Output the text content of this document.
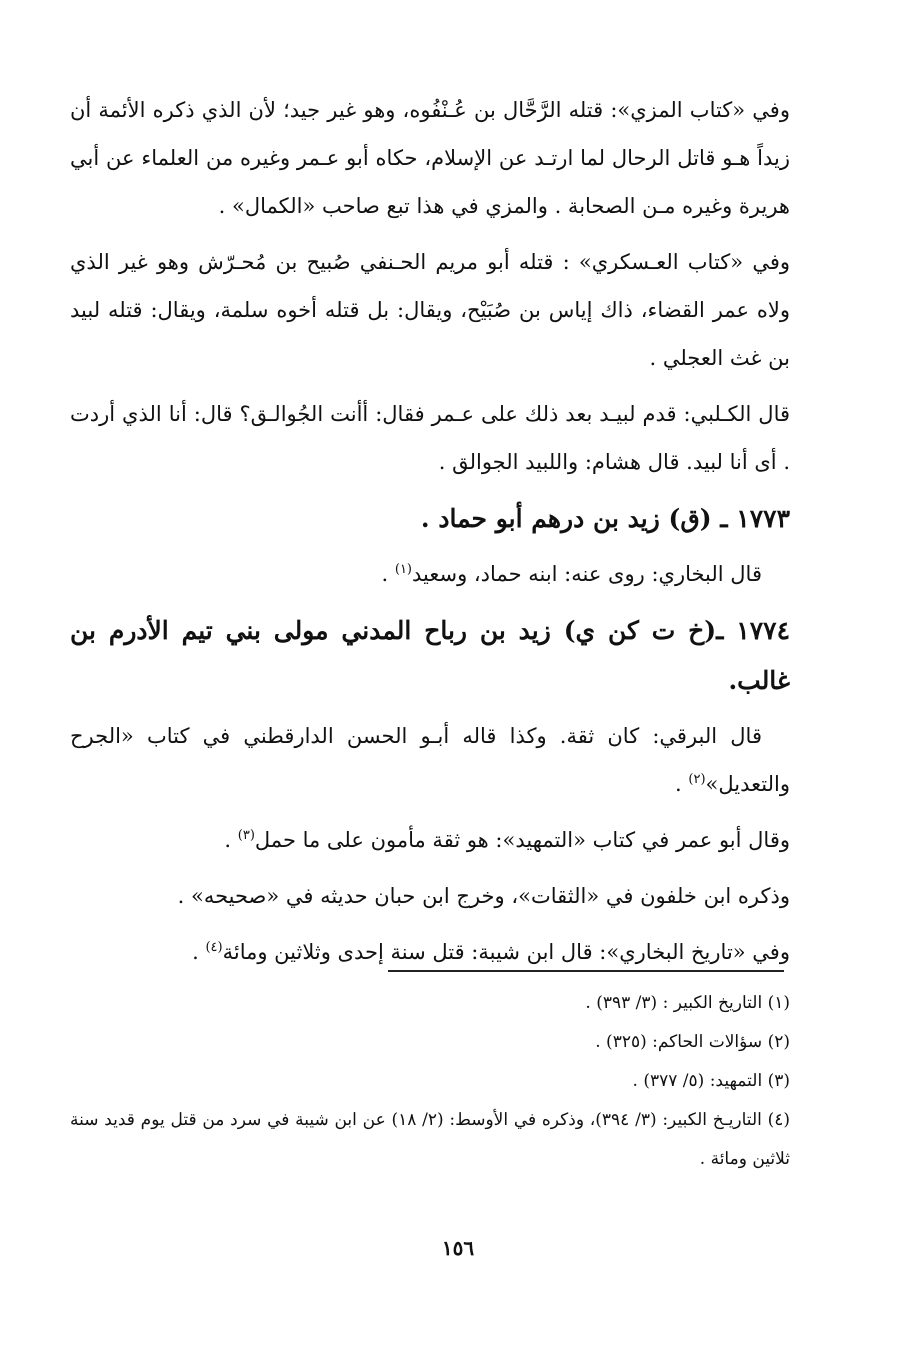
وفي «كتاب المزي»: قتله الرَّحَّال بن عُـنْفُوه، وهو غير جيد؛ لأن الذي ذكره الأئمة أن زيداً هـو قاتل الرحال لما ارتـد عن الإسلام، حكاه أبو عـمر وغيره من العلماء عن أبي هريرة وغيره مـن الصحابة . والمزي في هذا تبع صاحب «الكمال» .

وفي «كتاب العـسكري» : قتله أبو مريم الحـنفي صُبيح بن مُحـرّش وهو غير الذي ولاه عمر القضاء، ذاك إياس بن صُبَيْح، ويقال: بل قتله أخوه سلمة، ويقال: قتله لبيد بن غث العجلي .

قال الكـلبي: قدم لبيـد بعد ذلك على عـمر فقال: أأنت الجُوالـق؟ قال: أنا الذي أردت . أى أنا لبيد. قال هشام: واللبيد الجوالق .

١٧٧٣ ـ (ق) زيد بن درهم أبو حماد .

قال البخاري: روى عنه: ابنه حماد، وسعيد$^{(١)}$ .

١٧٧٤ ـ(خ ت كن ي) زيد بن رباح المدني مولى بني تيم الأدرم بن غالب.

قال البرقي: كان ثقة. وكذا قاله أبـو الحسن الدارقطني في كتاب «الجرح والتعديل»$^{(٢)}$ .

وقال أبو عمر في كتاب «التمهيد»: هو ثقة مأمون على ما حمل$^{(٣)}$ .

وذكره ابن خلفون في «الثقات»، وخرج ابن حبان حديثه في «صحيحه» .

وفي «تاريخ البخاري»: قال ابن شيبة: قتل سنة إحدى وثلاثين ومائة$^{(٤)}$ .

(١) التاريخ الكبير : (٣/ ٣٩٣) .

(٢) سؤالات الحاكم: (٣٢٥) .

(٣) التمهيد: (٥/ ٣٧٧) .

(٤) التاريـخ الكبير: (٣/ ٣٩٤)، وذكره في الأوسط: (٢/ ١٨) عن ابن شيبة في سرد من قتل يوم قديد سنة ثلاثين ومائة .

١٥٦
